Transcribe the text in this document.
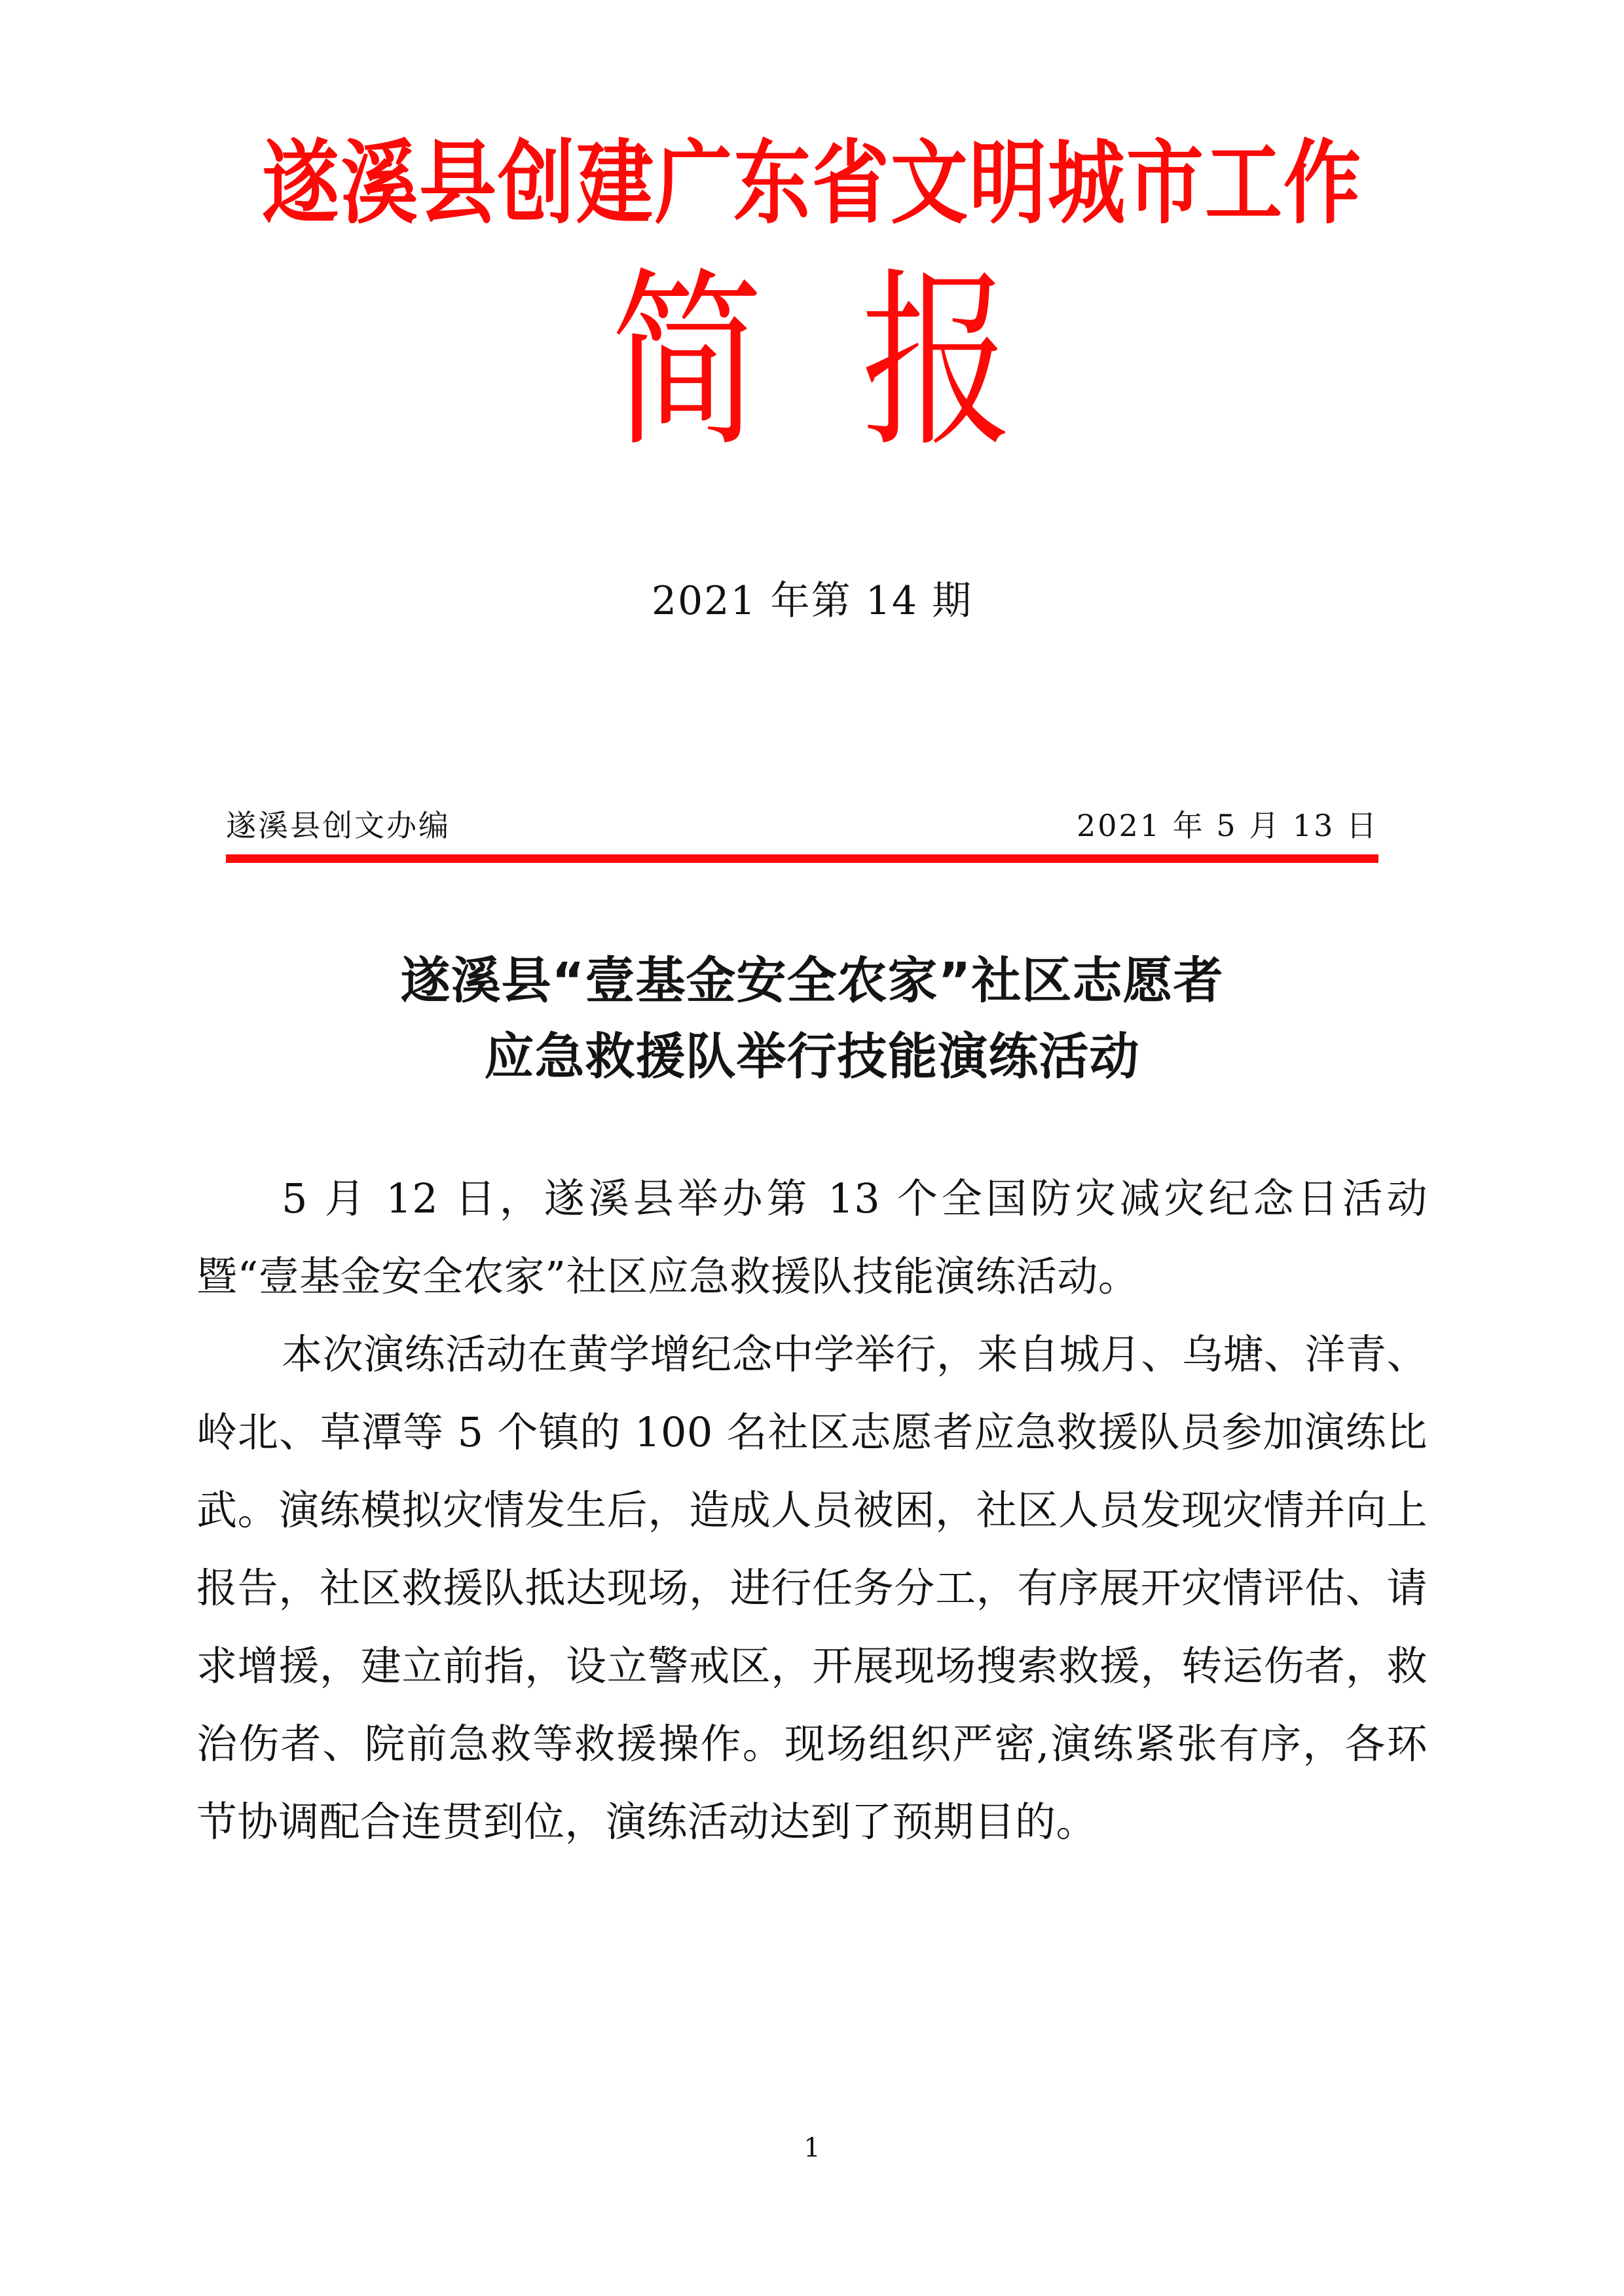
遂溪县创建广东省文明城市工作
简报
2021 年第 14 期
遂溪县创文办编	2021 年 5 月 13 日
遂溪县“壹基金安全农家”社区志愿者
应急救援队举行技能演练活动

5 月 12 日，遂溪县举办第 13 个全国防灾减灾纪念日活动暨“壹基金安全农家”社区应急救援队技能演练活动。

本次演练活动在黄学增纪念中学举行，来自城月、乌塘、洋青、岭北、草潭等 5 个镇的 100 名社区志愿者应急救援队员参加演练比武。演练模拟灾情发生后，造成人员被困，社区人员发现灾情并向上报告，社区救援队抵达现场，进行任务分工，有序展开灾情评估、请求增援，建立前指，设立警戒区，开展现场搜索救援，转运伤者，救治伤者、院前急救等救援操作。现场组织严密,演练紧张有序，各环节协调配合连贯到位，演练活动达到了预期目的。

1
